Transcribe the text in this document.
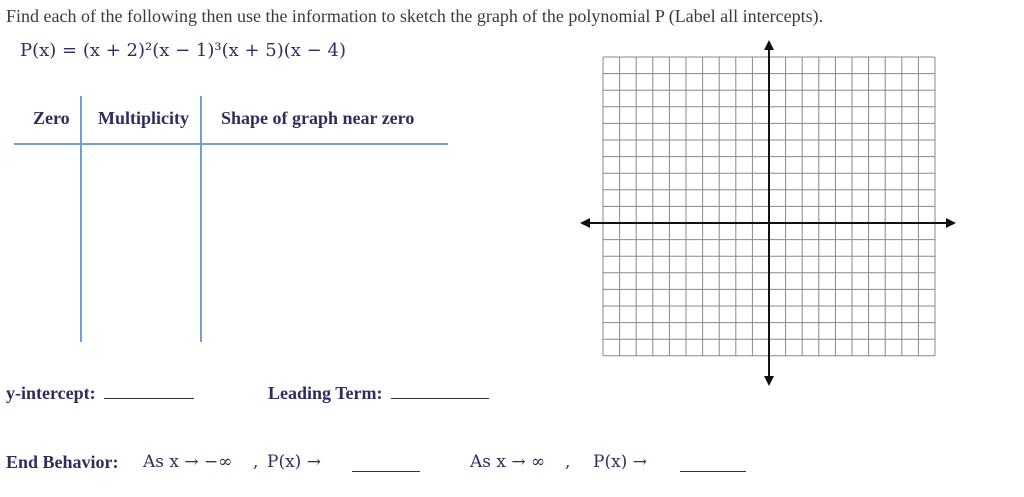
Find each of the following then use the information to sketch the graph of the polynomial P (Label all intercepts).
P(x) = (x + 2)²(x − 1)³(x + 5)(x − 4)
Zero Multiplicity Shape of graph near zero
y-intercept:	Leading Term:
End Behavior: As x → −∞ , P(x) →	As x → ∞ , P(x) →
